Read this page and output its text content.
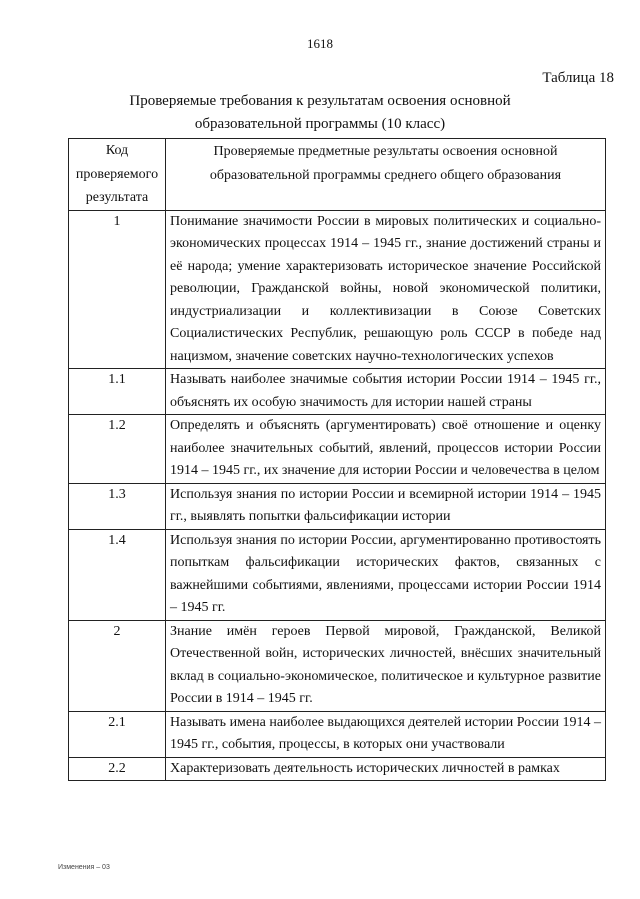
1618
Таблица 18
Проверяемые требования к результатам освоения основной
образовательной программы (10 класс)
Код проверяемого результата	Проверяемые предметные результаты освоения основной образовательной программы среднего общего образования
1	Понимание значимости России в мировых политических и социально-экономических процессах 1914 – 1945 гг., знание достижений страны и её народа; умение характеризовать историческое значение Российской революции, Гражданской войны, новой экономической политики, индустриализации и коллективизации в Союзе Советских Социалистических Республик, решающую роль СССР в победе над нацизмом, значение советских научно-технологических успехов
1.1	Называть наиболее значимые события истории России 1914 – 1945 гг., объяснять их особую значимость для истории нашей страны
1.2	Определять и объяснять (аргументировать) своё отношение и оценку наиболее значительных событий, явлений, процессов истории России 1914 – 1945 гг., их значение для истории России и человечества в целом
1.3	Используя знания по истории России и всемирной истории 1914 – 1945 гг., выявлять попытки фальсификации истории
1.4	Используя знания по истории России, аргументированно противостоять попыткам фальсификации исторических фактов, связанных с важнейшими событиями, явлениями, процессами истории России 1914 – 1945 гг.
2	Знание имён героев Первой мировой, Гражданской, Великой Отечественной войн, исторических личностей, внёсших значительный вклад в социально-экономическое, политическое и культурное развитие России в 1914 – 1945 гг.
2.1	Называть имена наиболее выдающихся деятелей истории России 1914 – 1945 гг., события, процессы, в которых они участвовали
2.2	Характеризовать деятельность исторических личностей в рамках
Изменения – 03
